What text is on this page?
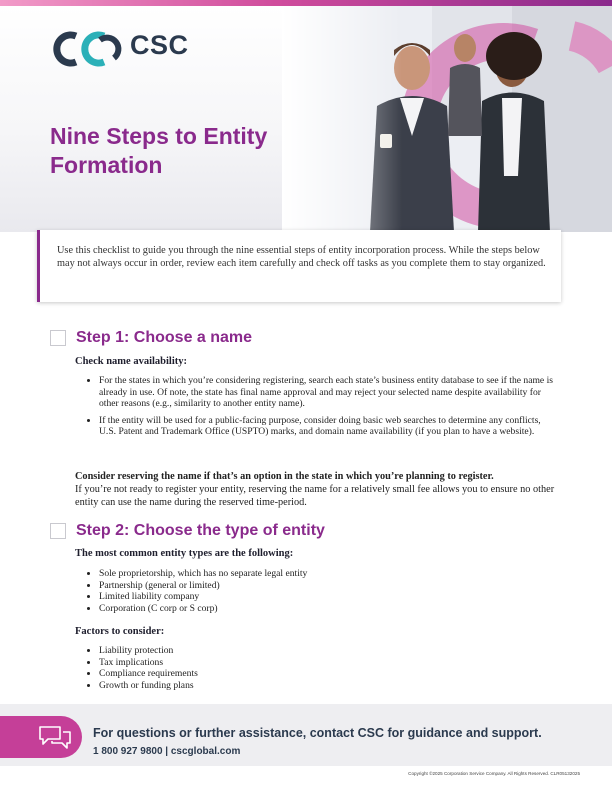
CSC
Nine Steps to Entity Formation

Use this checklist to guide you through the nine essential steps of entity incorporation process. While the steps below may not always occur in order, review each item carefully and check off tasks as you complete them to stay organized.

Step 1: Choose a name
Check name availability:
• For the states in which you’re considering registering, search each state’s business entity database to see if the name is already in use. Of note, the state has final name approval and may reject your selected name despite availability for other reasons (e.g., similarity to another entity name).
• If the entity will be used for a public-facing purpose, consider doing basic web searches to determine any conflicts, U.S. Patent and Trademark Office (USPTO) marks, and domain name availability (if you plan to have a website).

Consider reserving the name if that’s an option in the state in which you’re planning to register.
If you’re not ready to register your entity, reserving the name for a relatively small fee allows you to ensure no other entity can use the name during the reserved time-period.

Step 2: Choose the type of entity
The most common entity types are the following:
• Sole proprietorship, which has no separate legal entity
• Partnership (general or limited)
• Limited liability company
• Corporation (C corp or S corp)
Factors to consider:
• Liability protection
• Tax implications
• Compliance requirements
• Growth or funding plans
For questions or further assistance, contact CSC for guidance and support.
1 800 927 9800 | cscglobal.com
Copyright ©2025 Corporation Service Company. All Rights Reserved. CLR05132025
